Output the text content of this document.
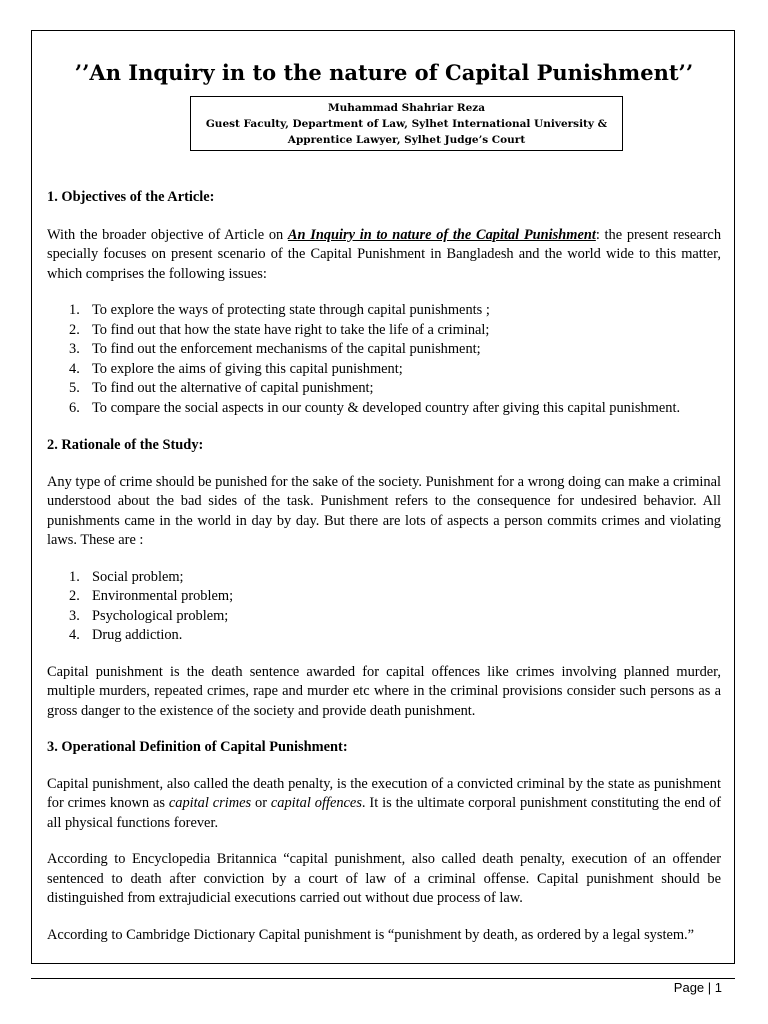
’’An Inquiry in to the nature of Capital Punishment’’
Muhammad Shahriar Reza
Guest Faculty, Department of Law, Sylhet International University &
Apprentice Lawyer, Sylhet Judge’s Court

1. Objectives of the Article:

With the broader objective of Article on An Inquiry in to nature of the Capital Punishment: the present research specially focuses on present scenario of the Capital Punishment in Bangladesh and the world wide to this matter, which comprises the following issues:

1. To explore the ways of protecting state through capital punishments ;
2. To find out that how the state have right to take the life of a criminal;
3. To find out the enforcement mechanisms of the capital punishment;
4. To explore the aims of giving this capital punishment;
5. To find out the alternative of capital punishment;
6. To compare the social aspects in our county & developed country after giving this capital punishment.

2. Rationale of the Study:

Any type of crime should be punished for the sake of the society. Punishment for a wrong doing can make a criminal understood about the bad sides of the task. Punishment refers to the consequence for undesired behavior. All punishments came in the world in day by day. But there are lots of aspects a person commits crimes and violating laws. These are :

1. Social problem;
2. Environmental problem;
3. Psychological problem;
4. Drug addiction.

Capital punishment is the death sentence awarded for capital offences like crimes involving planned murder, multiple murders, repeated crimes, rape and murder etc where in the criminal provisions consider such persons as a gross danger to the existence of the society and provide death punishment.

3. Operational Definition of Capital Punishment:

Capital punishment, also called the death penalty, is the execution of a convicted criminal by the state as punishment for crimes known as capital crimes or capital offences. It is the ultimate corporal punishment constituting the end of all physical functions forever.

According to Encyclopedia Britannica “capital punishment, also called death penalty, execution of an offender sentenced to death after conviction by a court of law of a criminal offense. Capital punishment should be distinguished from extrajudicial executions carried out without due process of law.

According to Cambridge Dictionary Capital punishment is “punishment by death, as ordered by a legal system.”

Page | 1
